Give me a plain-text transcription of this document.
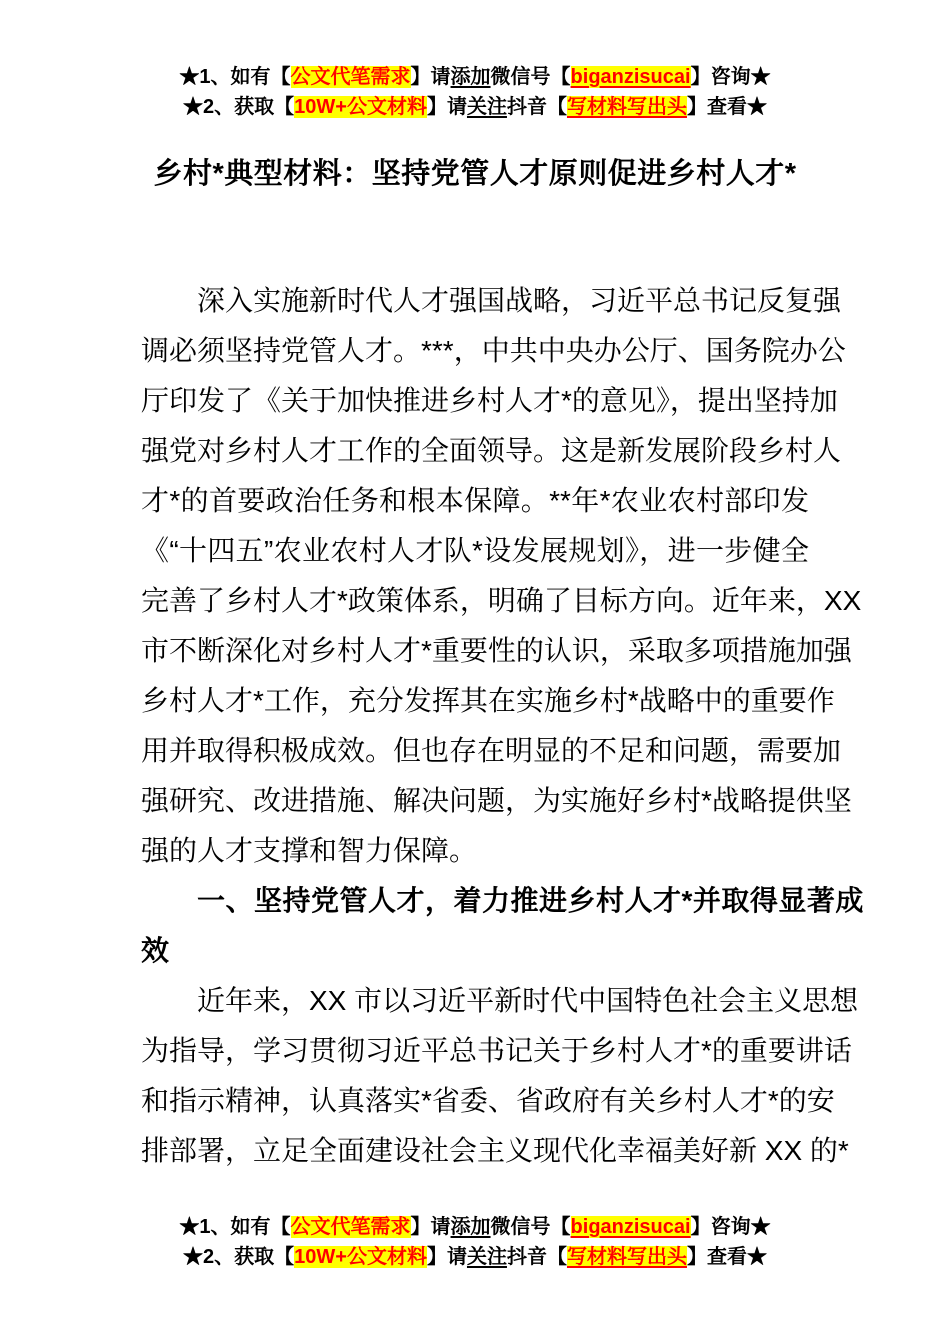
★1、如有【公文代笔需求】请添加微信号【biganzisucai】咨询★
★2、获取【10W+公文材料】请关注抖音【写材料写出头】查看★
乡村*典型材料：坚持党管人才原则促进乡村人才*
深入实施新时代人才强国战略，习近平总书记反复强
调必须坚持党管人才。***，中共中央办公厅、国务院办公
厅印发了《关于加快推进乡村人才*的意见》，提出坚持加
强党对乡村人才工作的全面领导。这是新发展阶段乡村人
才*的首要政治任务和根本保障。**年*农业农村部印发
《“十四五”农业农村人才队*设发展规划》，进一步健全
完善了乡村人才*政策体系，明确了目标方向。近年来，XX
市不断深化对乡村人才*重要性的认识，采取多项措施加强
乡村人才*工作，充分发挥其在实施乡村*战略中的重要作
用并取得积极成效。但也存在明显的不足和问题，需要加
强研究、改进措施、解决问题，为实施好乡村*战略提供坚
强的人才支撑和智力保障。
一、坚持党管人才，着力推进乡村人才*并取得显著成
效
近年来，XX 市以习近平新时代中国特色社会主义思想
为指导，学习贯彻习近平总书记关于乡村人才*的重要讲话
和指示精神，认真落实*省委、省政府有关乡村人才*的安
排部署，立足全面建设社会主义现代化幸福美好新 XX 的*
★1、如有【公文代笔需求】请添加微信号【biganzisucai】咨询★
★2、获取【10W+公文材料】请关注抖音【写材料写出头】查看★
